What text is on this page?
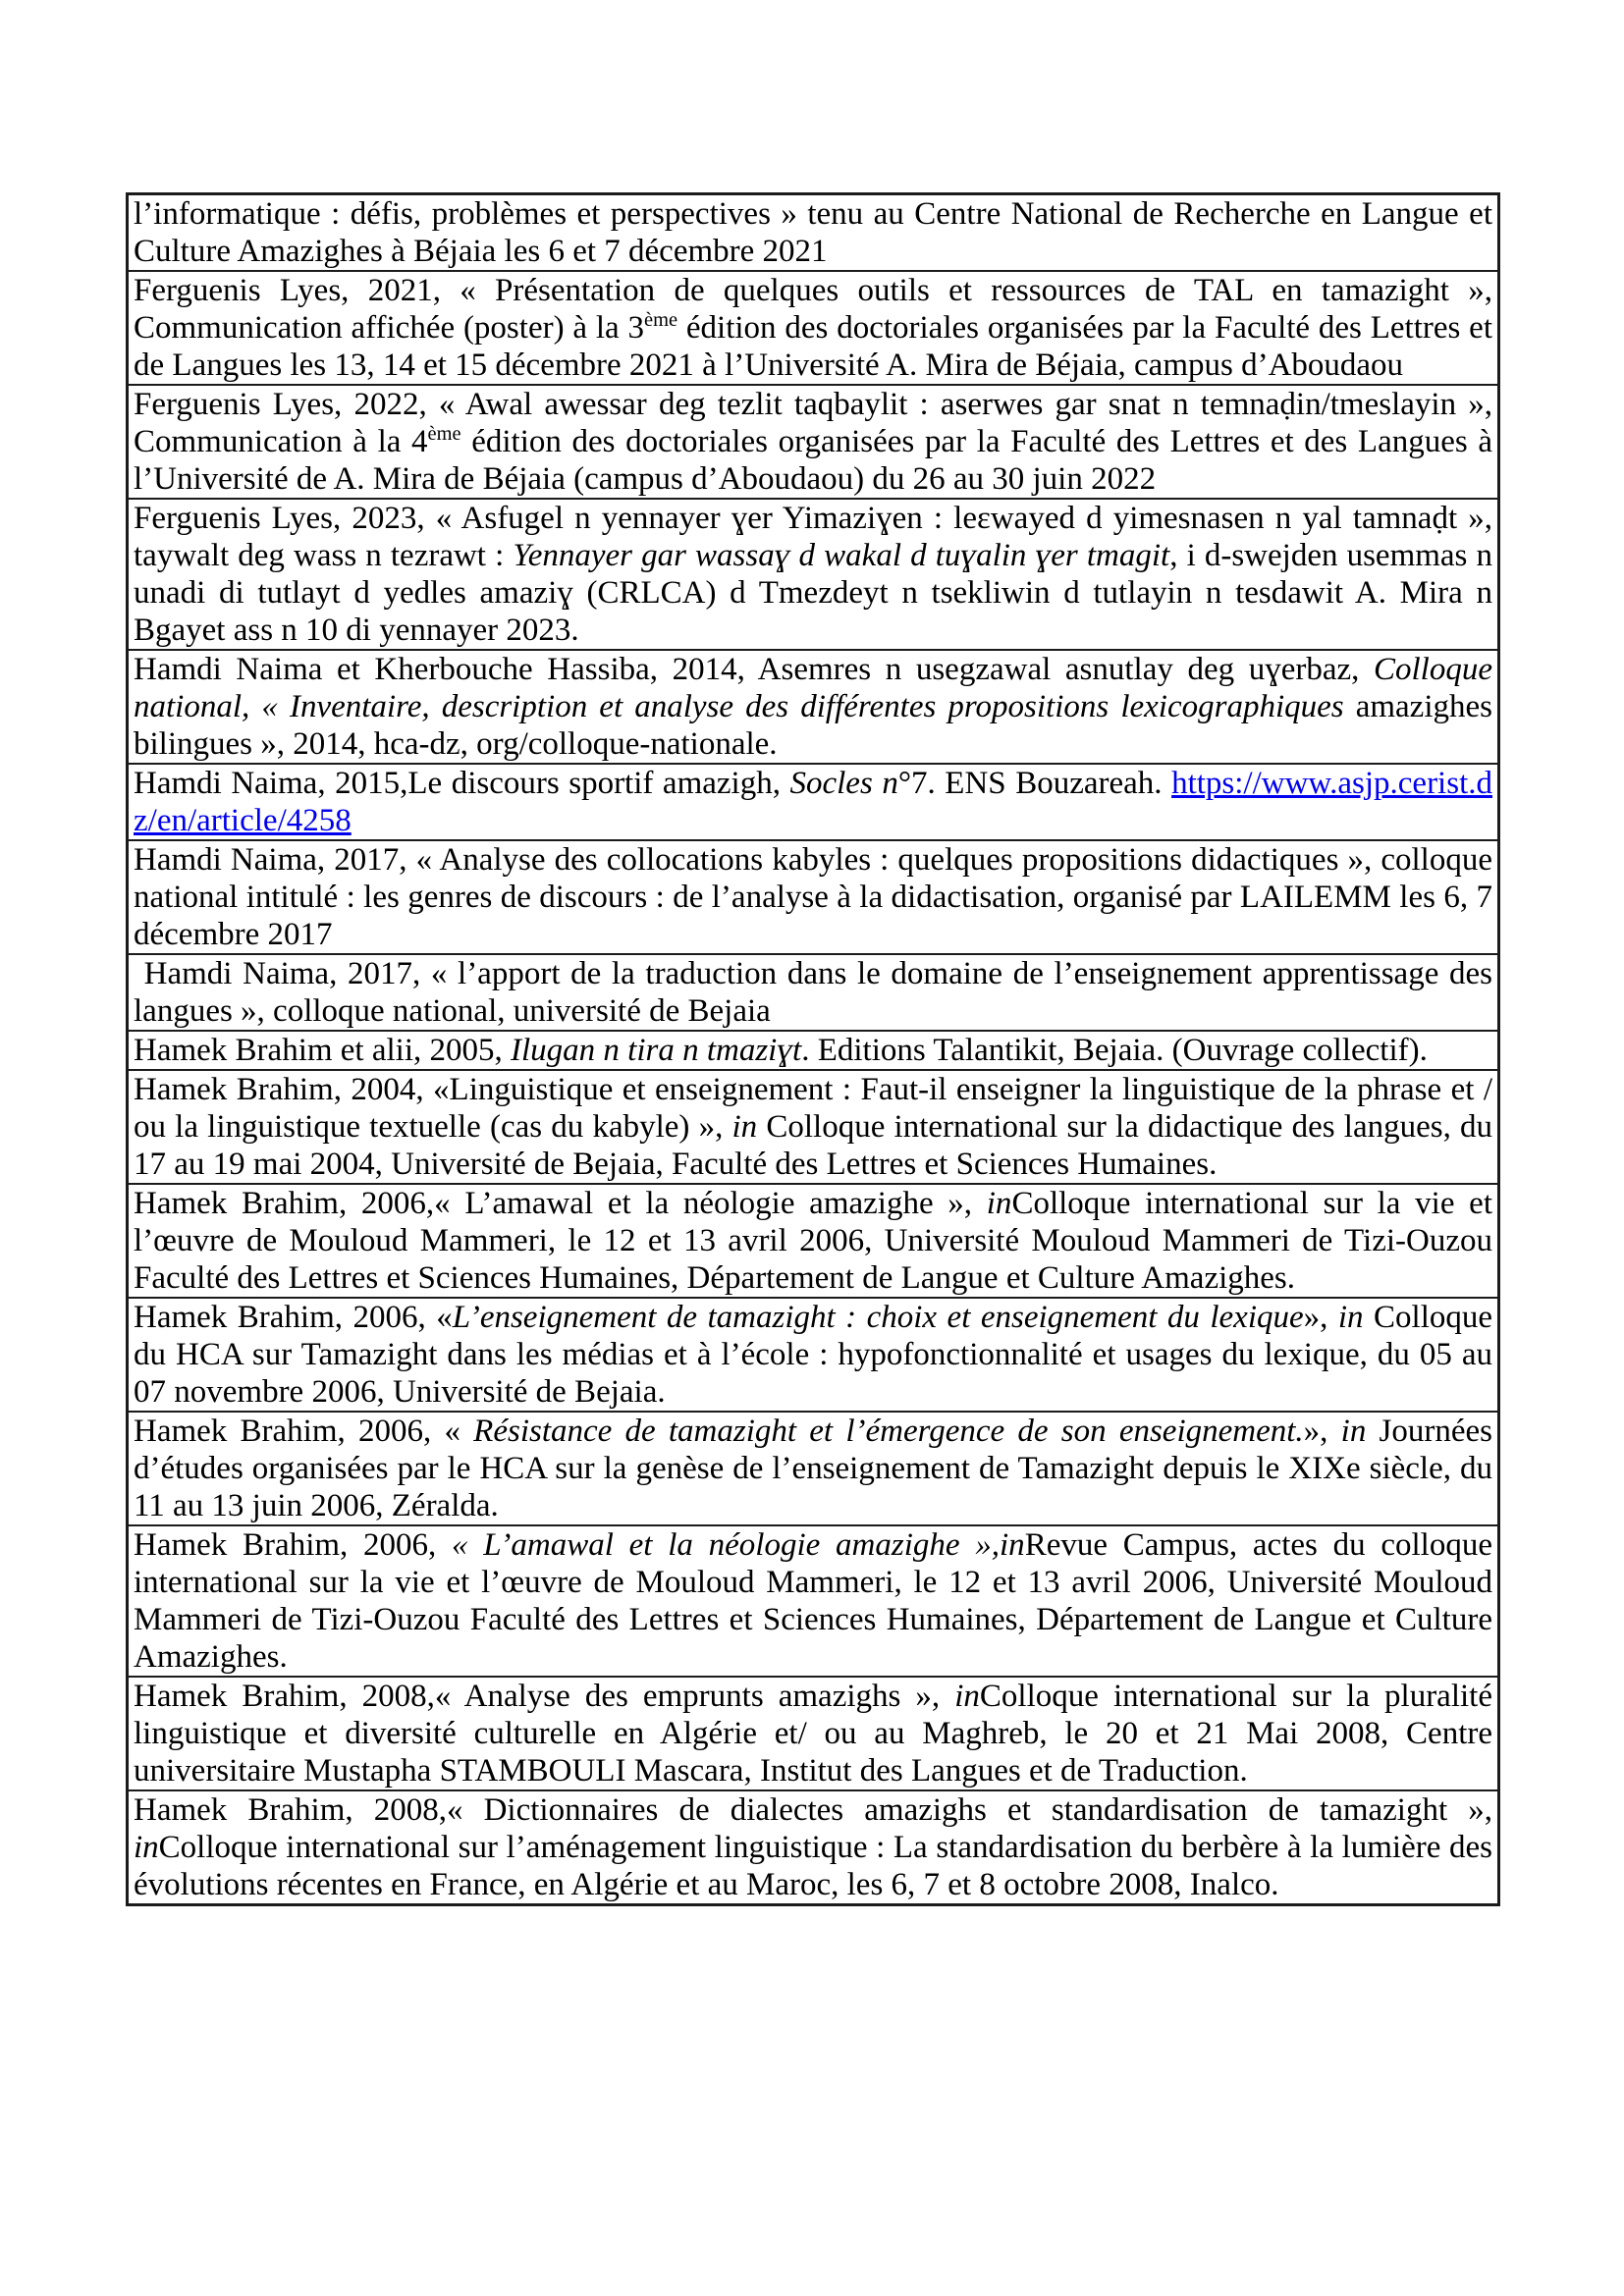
l’informatique : défis, problèmes et perspectives » tenu au Centre National de Recherche en Langue et Culture Amazighes à Béjaia les 6 et 7 décembre 2021
Ferguenis Lyes, 2021, « Présentation de quelques outils et ressources de TAL en tamazight », Communication affichée (poster) à la 3ème édition des doctoriales organisées par la Faculté des Lettres et de Langues les 13, 14 et 15 décembre 2021 à l’Université A. Mira de Béjaia, campus d’Aboudaou
Ferguenis Lyes, 2022, « Awal awessar deg tezlit taqbaylit : aserwes gar snat n temnaḍin/tmeslayin », Communication à la 4ème édition des doctoriales organisées par la Faculté des Lettres et des Langues à l’Université de A. Mira de Béjaia (campus d’Aboudaou) du 26 au 30 juin 2022
Ferguenis Lyes, 2023, « Asfugel n yennayer ɣer Yimaziɣen : leɛwayed d yimesnasen n yal tamnaḍt », taywalt deg wass n tezrawt : Yennayer gar wassaɣ d wakal d tuɣalin ɣer tmagit, i d-swejden usemmas n unadi di tutlayt d yedles amaziɣ (CRLCA) d Tmezdeyt n tsekliwin d tutlayin n tesdawit A. Mira n Bgayet ass n 10 di yennayer 2023.
Hamdi Naima et Kherbouche Hassiba, 2014, Asemres n usegzawal asnutlay deg uɣerbaz, Colloque national, « Inventaire, description et analyse des différentes propositions lexicographiques amazighes bilingues », 2014, hca-dz, org/colloque-nationale.
Hamdi Naima, 2015,Le discours sportif amazigh, Socles n°7. ENS Bouzareah. https://www.asjp.cerist.dz/en/article/4258
Hamdi Naima, 2017, « Analyse des collocations kabyles : quelques propositions didactiques », colloque national intitulé : les genres de discours : de l’analyse à la didactisation, organisé par LAILEMM les 6, 7 décembre 2017
Hamdi Naima, 2017, « l’apport de la traduction dans le domaine de l’enseignement apprentissage des langues », colloque national, université de Bejaia
Hamek Brahim et alii, 2005, Ilugan n tira n tmaziɣt. Editions Talantikit, Bejaia. (Ouvrage collectif).
Hamek Brahim, 2004, «Linguistique et enseignement : Faut-il enseigner la linguistique de la phrase et / ou la linguistique textuelle (cas du kabyle) », in Colloque international sur la didactique des langues, du 17 au 19 mai 2004, Université de Bejaia, Faculté des Lettres et Sciences Humaines.
Hamek Brahim, 2006,« L’amawal et la néologie amazighe », inColloque international sur la vie et l’œuvre de Mouloud Mammeri, le 12 et 13 avril 2006, Université Mouloud Mammeri de Tizi-Ouzou Faculté des Lettres et Sciences Humaines, Département de Langue et Culture Amazighes.
Hamek Brahim, 2006, «L’enseignement de tamazight : choix et enseignement du lexique», in Colloque du HCA sur Tamazight dans les médias et à l’école : hypofonctionnalité et usages du lexique, du 05 au 07 novembre 2006, Université de Bejaia.
Hamek Brahim, 2006, « Résistance de tamazight et l’émergence de son enseignement.», in Journées d’études organisées par le HCA sur la genèse de l’enseignement de Tamazight depuis le XIXe siècle, du 11 au 13 juin 2006, Zéralda.
Hamek Brahim, 2006, « L’amawal et la néologie amazighe »,inRevue Campus, actes du colloque international sur la vie et l’œuvre de Mouloud Mammeri, le 12 et 13 avril 2006, Université Mouloud Mammeri de Tizi-Ouzou Faculté des Lettres et Sciences Humaines, Département de Langue et Culture Amazighes.
Hamek Brahim, 2008,« Analyse des emprunts amazighs », inColloque international sur la pluralité linguistique et diversité culturelle en Algérie et/ ou au Maghreb, le 20 et 21 Mai 2008, Centre universitaire Mustapha STAMBOULI Mascara, Institut des Langues et de Traduction.
Hamek Brahim, 2008,« Dictionnaires de dialectes amazighs et standardisation de tamazight », inColloque international sur l’aménagement linguistique : La standardisation du berbère à la lumière des évolutions récentes en France, en Algérie et au Maroc, les 6, 7 et 8 octobre 2008, Inalco.
